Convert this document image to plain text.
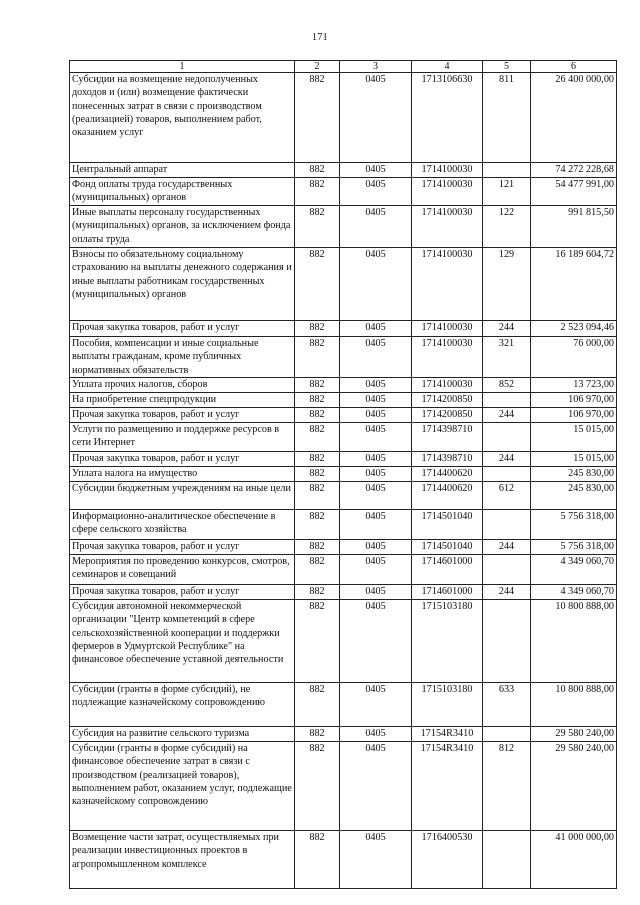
171
1	2	3	4	5	6
Субсидии на возмещение недополученных доходов и (или) возмещение фактически понесенных затрат в связи с производством (реализацией) товаров, выполнением работ, оказанием услуг	882	0405	1713106630	811	26 400 000,00
Центральный аппарат	882	0405	1714100030		74 272 228,68
Фонд оплаты труда государственных (муниципальных) органов	882	0405	1714100030	121	54 477 991,00
Иные выплаты персоналу государственных (муниципальных) органов, за исключением фонда оплаты труда	882	0405	1714100030	122	991 815,50
Взносы по обязательному социальному страхованию на выплаты денежного содержания и иные выплаты работникам государственных (муниципальных) органов	882	0405	1714100030	129	16 189 604,72
Прочая закупка товаров, работ и услуг	882	0405	1714100030	244	2 523 094,46
Пособия, компенсации и иные социальные выплаты гражданам, кроме публичных нормативных обязательств	882	0405	1714100030	321	76 000,00
Уплата прочих налогов, сборов	882	0405	1714100030	852	13 723,00
На приобретение спецпродукции	882	0405	1714200850		106 970,00
Прочая закупка товаров, работ и услуг	882	0405	1714200850	244	106 970,00
Услуги по размещению и поддержке ресурсов в сети Интернет	882	0405	1714398710		15 015,00
Прочая закупка товаров, работ и услуг	882	0405	1714398710	244	15 015,00
Уплата налога на имущество	882	0405	1714400620		245 830,00
Субсидии бюджетным учреждениям на иные цели	882	0405	1714400620	612	245 830,00
Информационно-аналитическое обеспечение в сфере сельского хозяйства	882	0405	1714501040		5 756 318,00
Прочая закупка товаров, работ и услуг	882	0405	1714501040	244	5 756 318,00
Мероприятия по проведению конкурсов, смотров, семинаров и совещаний	882	0405	1714601000		4 349 060,70
Прочая закупка товаров, работ и услуг	882	0405	1714601000	244	4 349 060,70
Субсидия автономной некоммерческой организации "Центр компетенций в сфере сельскохозяйственной кооперации и поддержки фермеров в Удмуртской Республике" на финансовое обеспечение уставной деятельности	882	0405	1715103180		10 800 888,00
Субсидии (гранты в форме субсидий), не подлежащие казначейскому сопровождению	882	0405	1715103180	633	10 800 888,00
Субсидия на развитие сельского туризма	882	0405	17154R3410		29 580 240,00
Субсидии (гранты в форме субсидий) на финансовое обеспечение затрат в связи с производством (реализацией товаров), выполнением работ, оказанием услуг, подлежащие казначейскому сопровождению	882	0405	17154R3410	812	29 580 240,00
Возмещение части затрат, осуществляемых при реализации инвестиционных проектов в агропромышленном комплексе	882	0405	1716400530		41 000 000,00
